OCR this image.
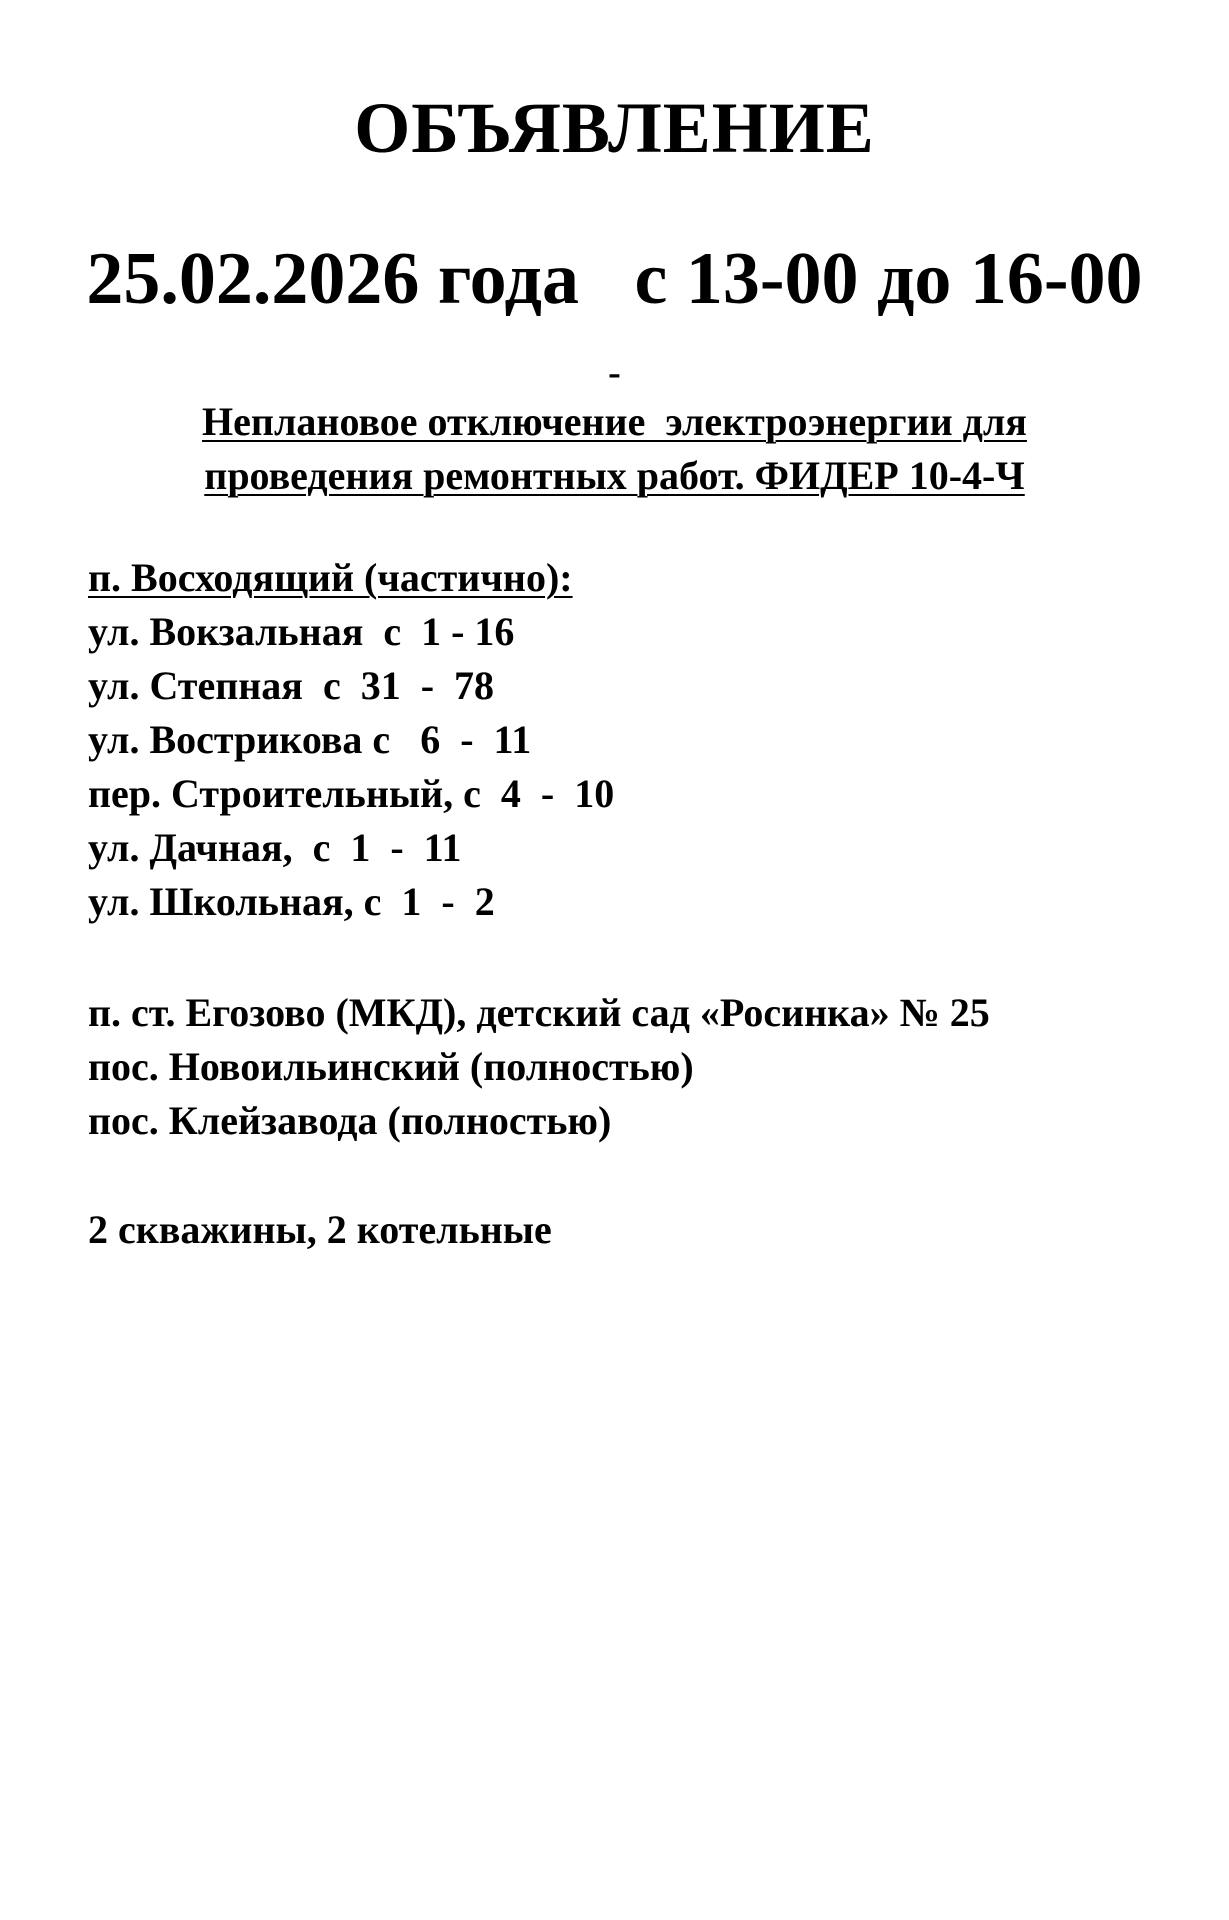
ОБЪЯВЛЕНИЕ
25.02.2026 года   с 13-00 до 16-00
-
Неплановое отключение  электроэнергии для
проведения ремонтных работ. ФИДЕР 10-4-Ч
п. Восходящий (частично):
ул. Вокзальная  с  1 - 16
ул. Степная  с  31  -  78
ул. Вострикова с   6  -  11
пер. Строительный, с  4  -  10
ул. Дачная,  с  1  -  11
ул. Школьная, с  1  -  2
п. ст. Егозово (МКД), детский сад «Росинка» № 25
пос. Новоильинский (полностью)
пос. Клейзавода (полностью)
2 скважины, 2 котельные
